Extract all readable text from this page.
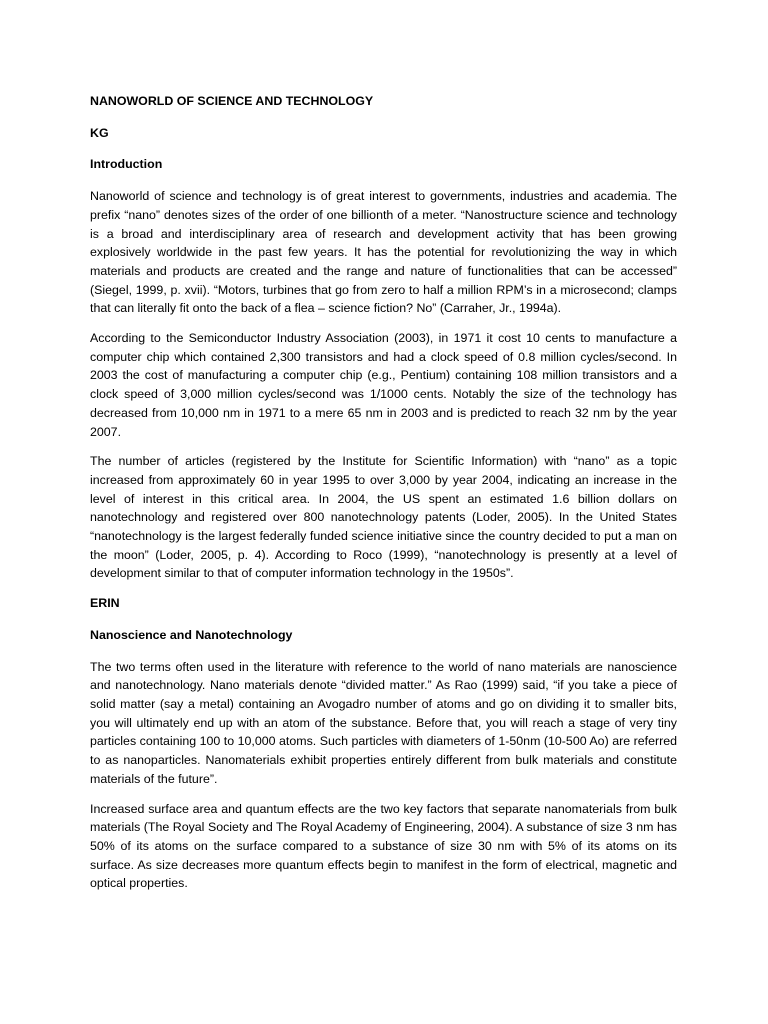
NANOWORLD OF SCIENCE AND TECHNOLOGY

KG

Introduction

Nanoworld of science and technology is of great interest to governments, industries and academia. The prefix “nano” denotes sizes of the order of one billionth of a meter. “Nanostructure science and technology is a broad and interdisciplinary area of research and development activity that has been growing explosively worldwide in the past few years. It has the potential for revolutionizing the way in which materials and products are created and the range and nature of functionalities that can be accessed” (Siegel, 1999, p. xvii). “Motors, turbines that go from zero to half a million RPM’s in a microsecond; clamps that can literally fit onto the back of a flea – science fiction? No” (Carraher, Jr., 1994a).

According to the Semiconductor Industry Association (2003), in 1971 it cost 10 cents to manufacture a computer chip which contained 2,300 transistors and had a clock speed of 0.8 million cycles/second. In 2003 the cost of manufacturing a computer chip (e.g., Pentium) containing 108 million transistors and a clock speed of 3,000 million cycles/second was 1/1000 cents. Notably the size of the technology has decreased from 10,000 nm in 1971 to a mere 65 nm in 2003 and is predicted to reach 32 nm by the year 2007.

The number of articles (registered by the Institute for Scientific Information) with “nano” as a topic increased from approximately 60 in year 1995 to over 3,000 by year 2004, indicating an increase in the level of interest in this critical area. In 2004, the US spent an estimated 1.6 billion dollars on nanotechnology and registered over 800 nanotechnology patents (Loder, 2005). In the United States “nanotechnology is the largest federally funded science initiative since the country decided to put a man on the moon” (Loder, 2005, p. 4). According to Roco (1999), “nanotechnology is presently at a level of development similar to that of computer information technology in the 1950s”.

ERIN

Nanoscience and Nanotechnology

The two terms often used in the literature with reference to the world of nano materials are nanoscience and nanotechnology. Nano materials denote “divided matter.” As Rao (1999) said, “if you take a piece of solid matter (say a metal) containing an Avogadro number of atoms and go on dividing it to smaller bits, you will ultimately end up with an atom of the substance. Before that, you will reach a stage of very tiny particles containing 100 to 10,000 atoms. Such particles with diameters of 1-50nm (10-500 Ao) are referred to as nanoparticles. Nanomaterials exhibit properties entirely different from bulk materials and constitute materials of the future”.

Increased surface area and quantum effects are the two key factors that separate nanomaterials from bulk materials (The Royal Society and The Royal Academy of Engineering, 2004). A substance of size 3 nm has 50% of its atoms on the surface compared to a substance of size 30 nm with 5% of its atoms on its surface. As size decreases more quantum effects begin to manifest in the form of electrical, magnetic and optical properties.
